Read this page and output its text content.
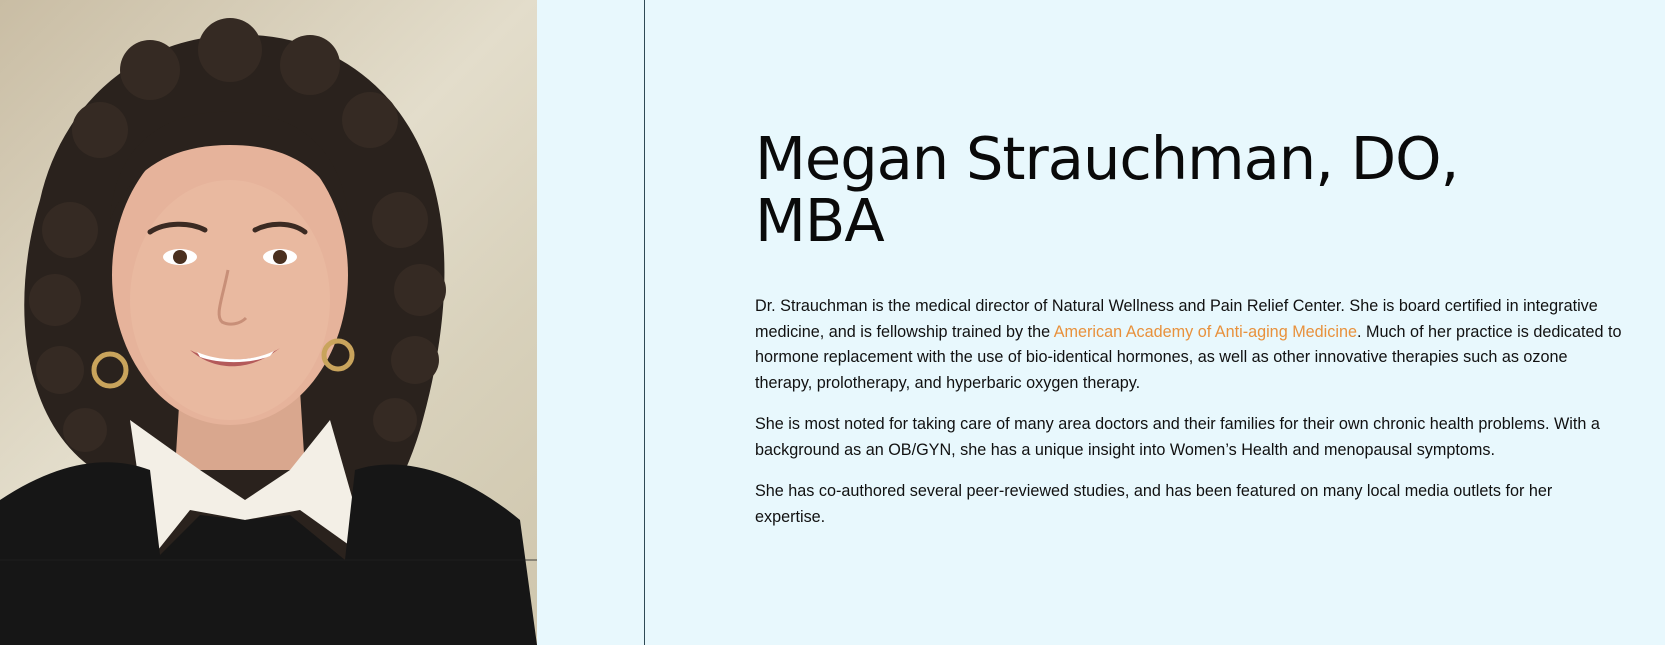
Megan Strauchman, DO,
MBA

Dr. Strauchman is the medical director of Natural Wellness and Pain Relief Center. She is board certified in integrative medicine, and is fellowship trained by the American Academy of Anti-aging Medicine. Much of her practice is dedicated to hormone replacement with the use of bio-identical hormones, as well as other innovative therapies such as ozone therapy, prolotherapy, and hyperbaric oxygen therapy.

She is most noted for taking care of many area doctors and their families for their own chronic health problems. With a background as an OB/GYN, she has a unique insight into Women’s Health and menopausal symptoms.

She has co-authored several peer-reviewed studies, and has been featured on many local media outlets for her expertise.
